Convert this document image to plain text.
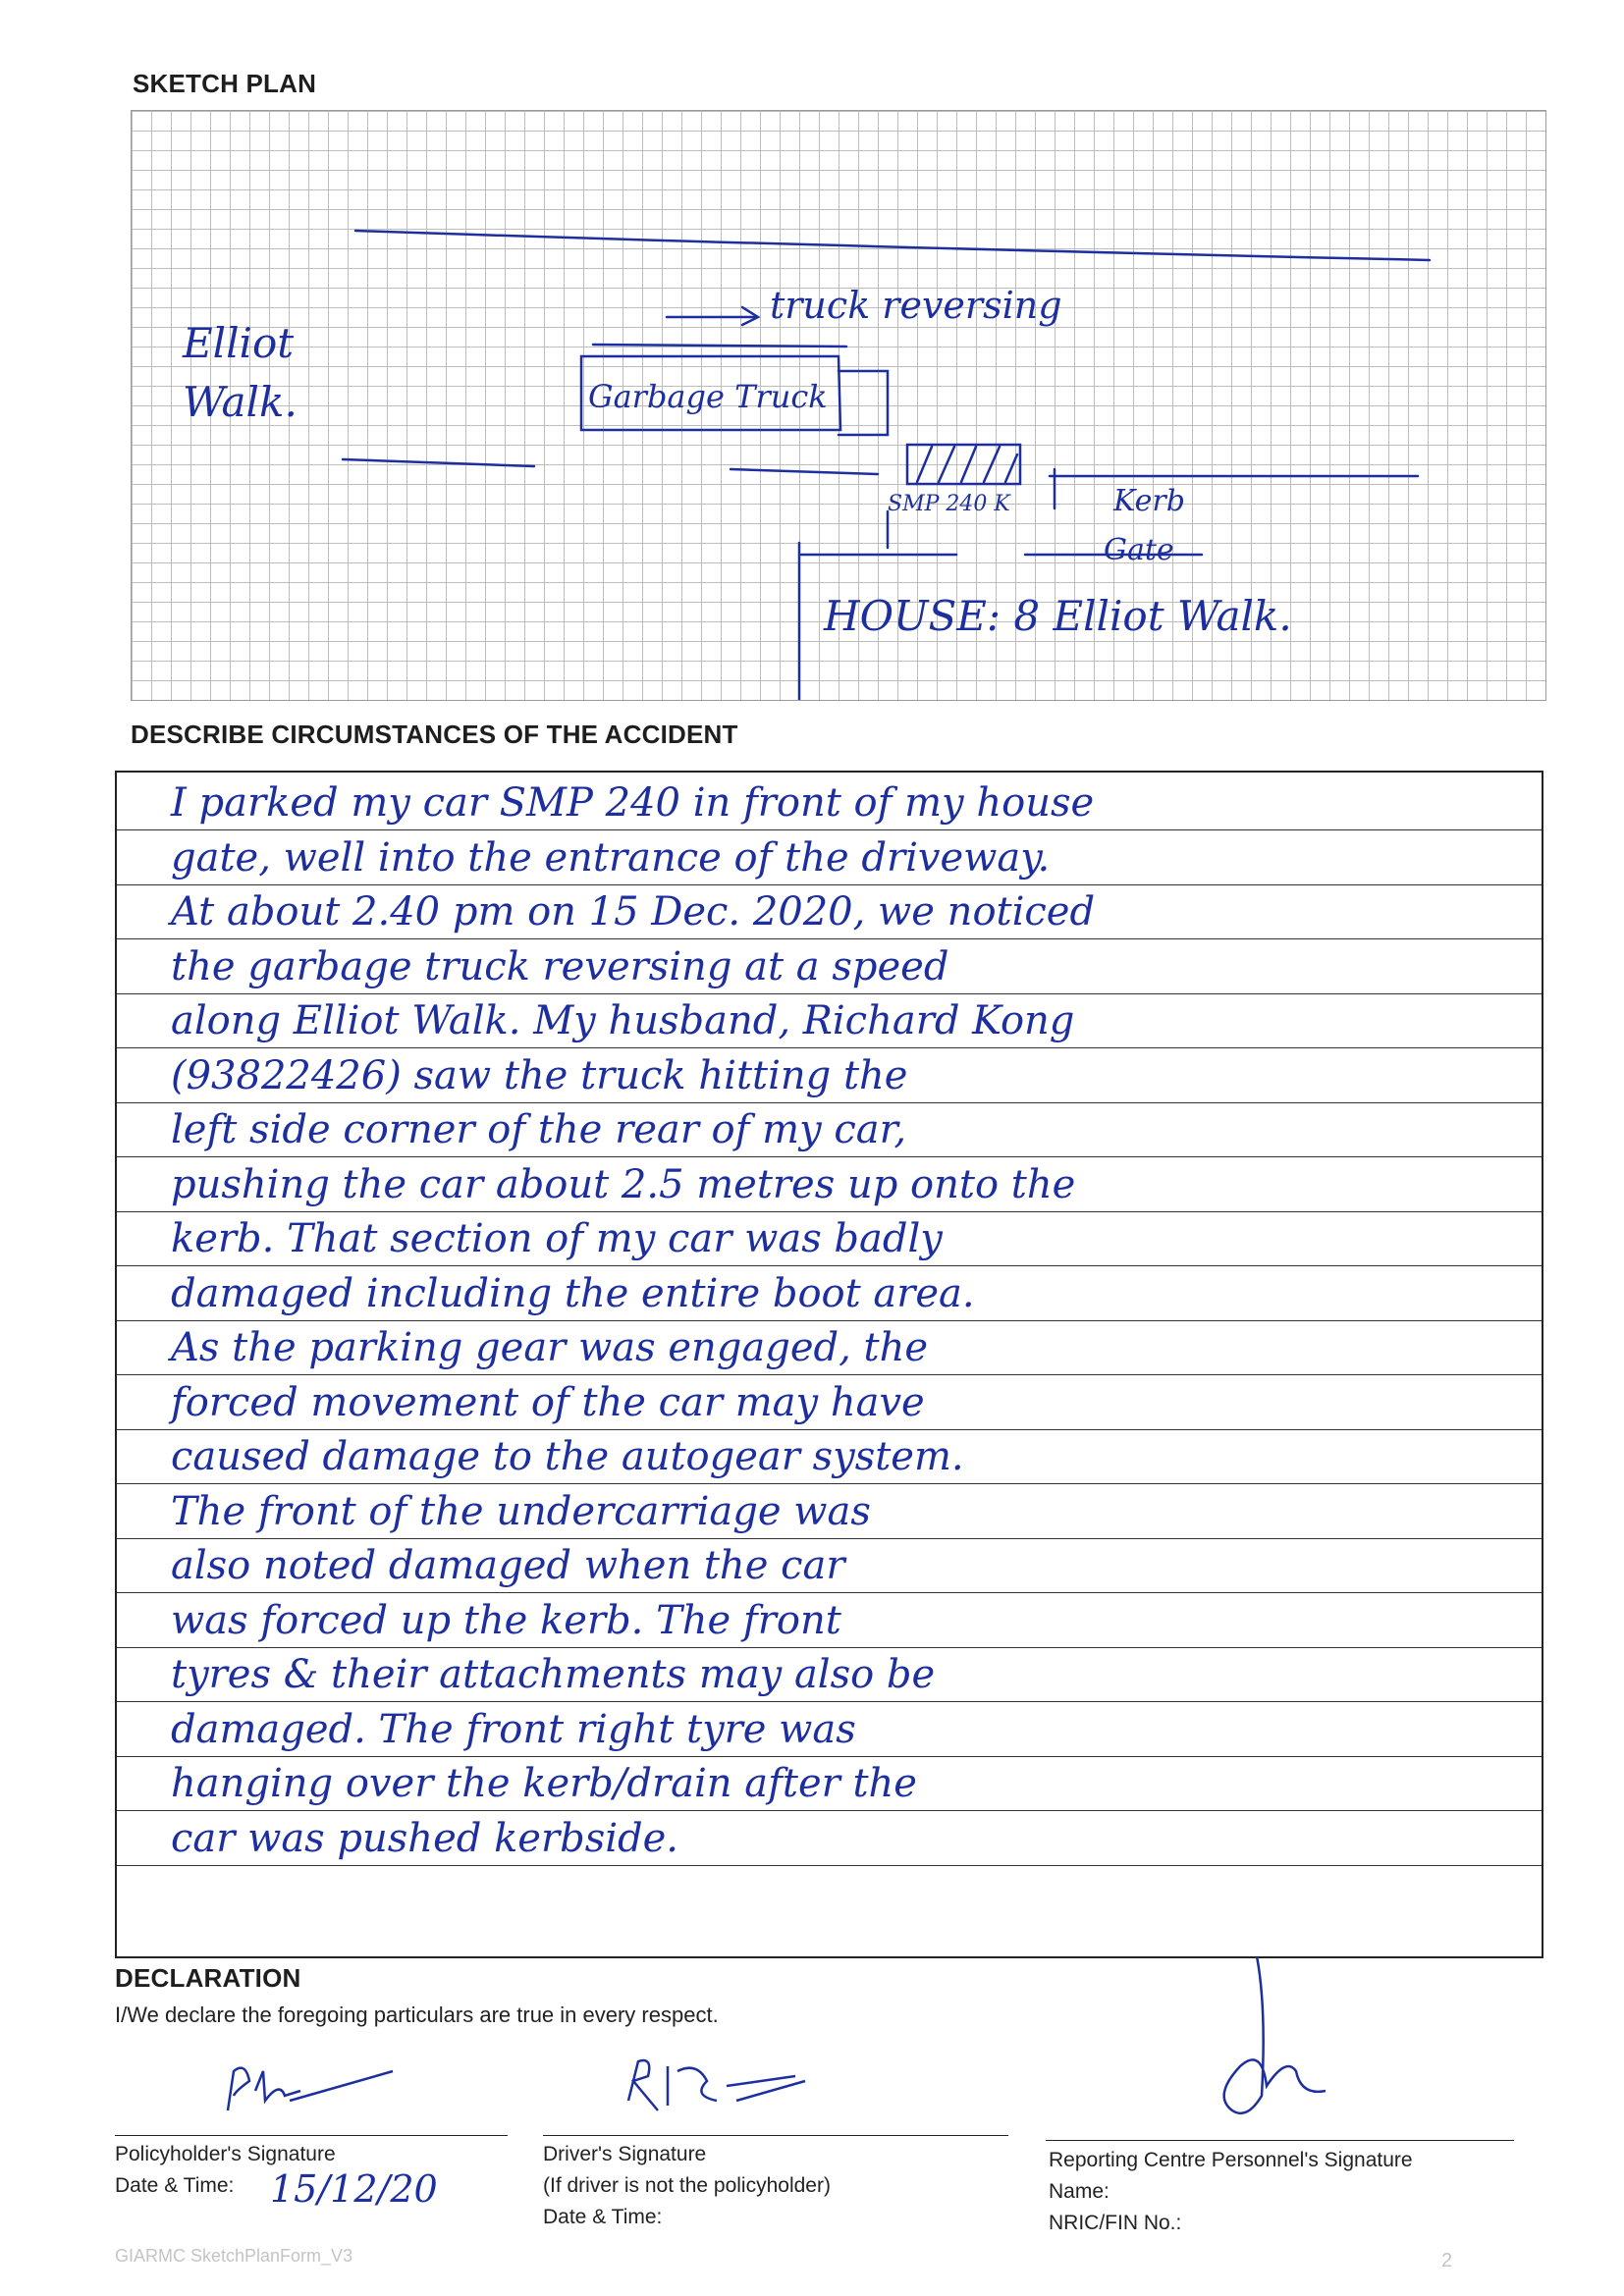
SKETCH PLAN
Elliot
Walk.
truck reversing
Garbage Truck
SMP 240 K	Kerb
Gate
HOUSE: 8 Elliot Walk.
DESCRIBE CIRCUMSTANCES OF THE ACCIDENT
I parked my car SMP 240 in front of my house
gate, well into the entrance of the driveway.
At about 2.40 pm on 15 Dec. 2020, we noticed
the garbage truck reversing at a speed
along Elliot Walk. My husband, Richard Kong
(93822426) saw the truck hitting the
left side corner of the rear of my car,
pushing the car about 2.5 metres up onto the
kerb. That section of my car was badly
damaged including the entire boot area.
As the parking gear was engaged, the
forced movement of the car may have
caused damage to the autogear system.
The front of the undercarriage was
also noted damaged when the car
was forced up the kerb. The front
tyres & their attachments may also be
damaged. The front right tyre was
hanging over the kerb/drain after the
car was pushed kerbside.
DECLARATION
I/We declare the foregoing particulars are true in every respect.
Policyholder's Signature
Date & Time: 15/12/20
Driver's Signature
(If driver is not the policyholder)
Date & Time:
Reporting Centre Personnel's Signature
Name:
NRIC/FIN No.:
GIARMC SketchPlanForm_V3	2
